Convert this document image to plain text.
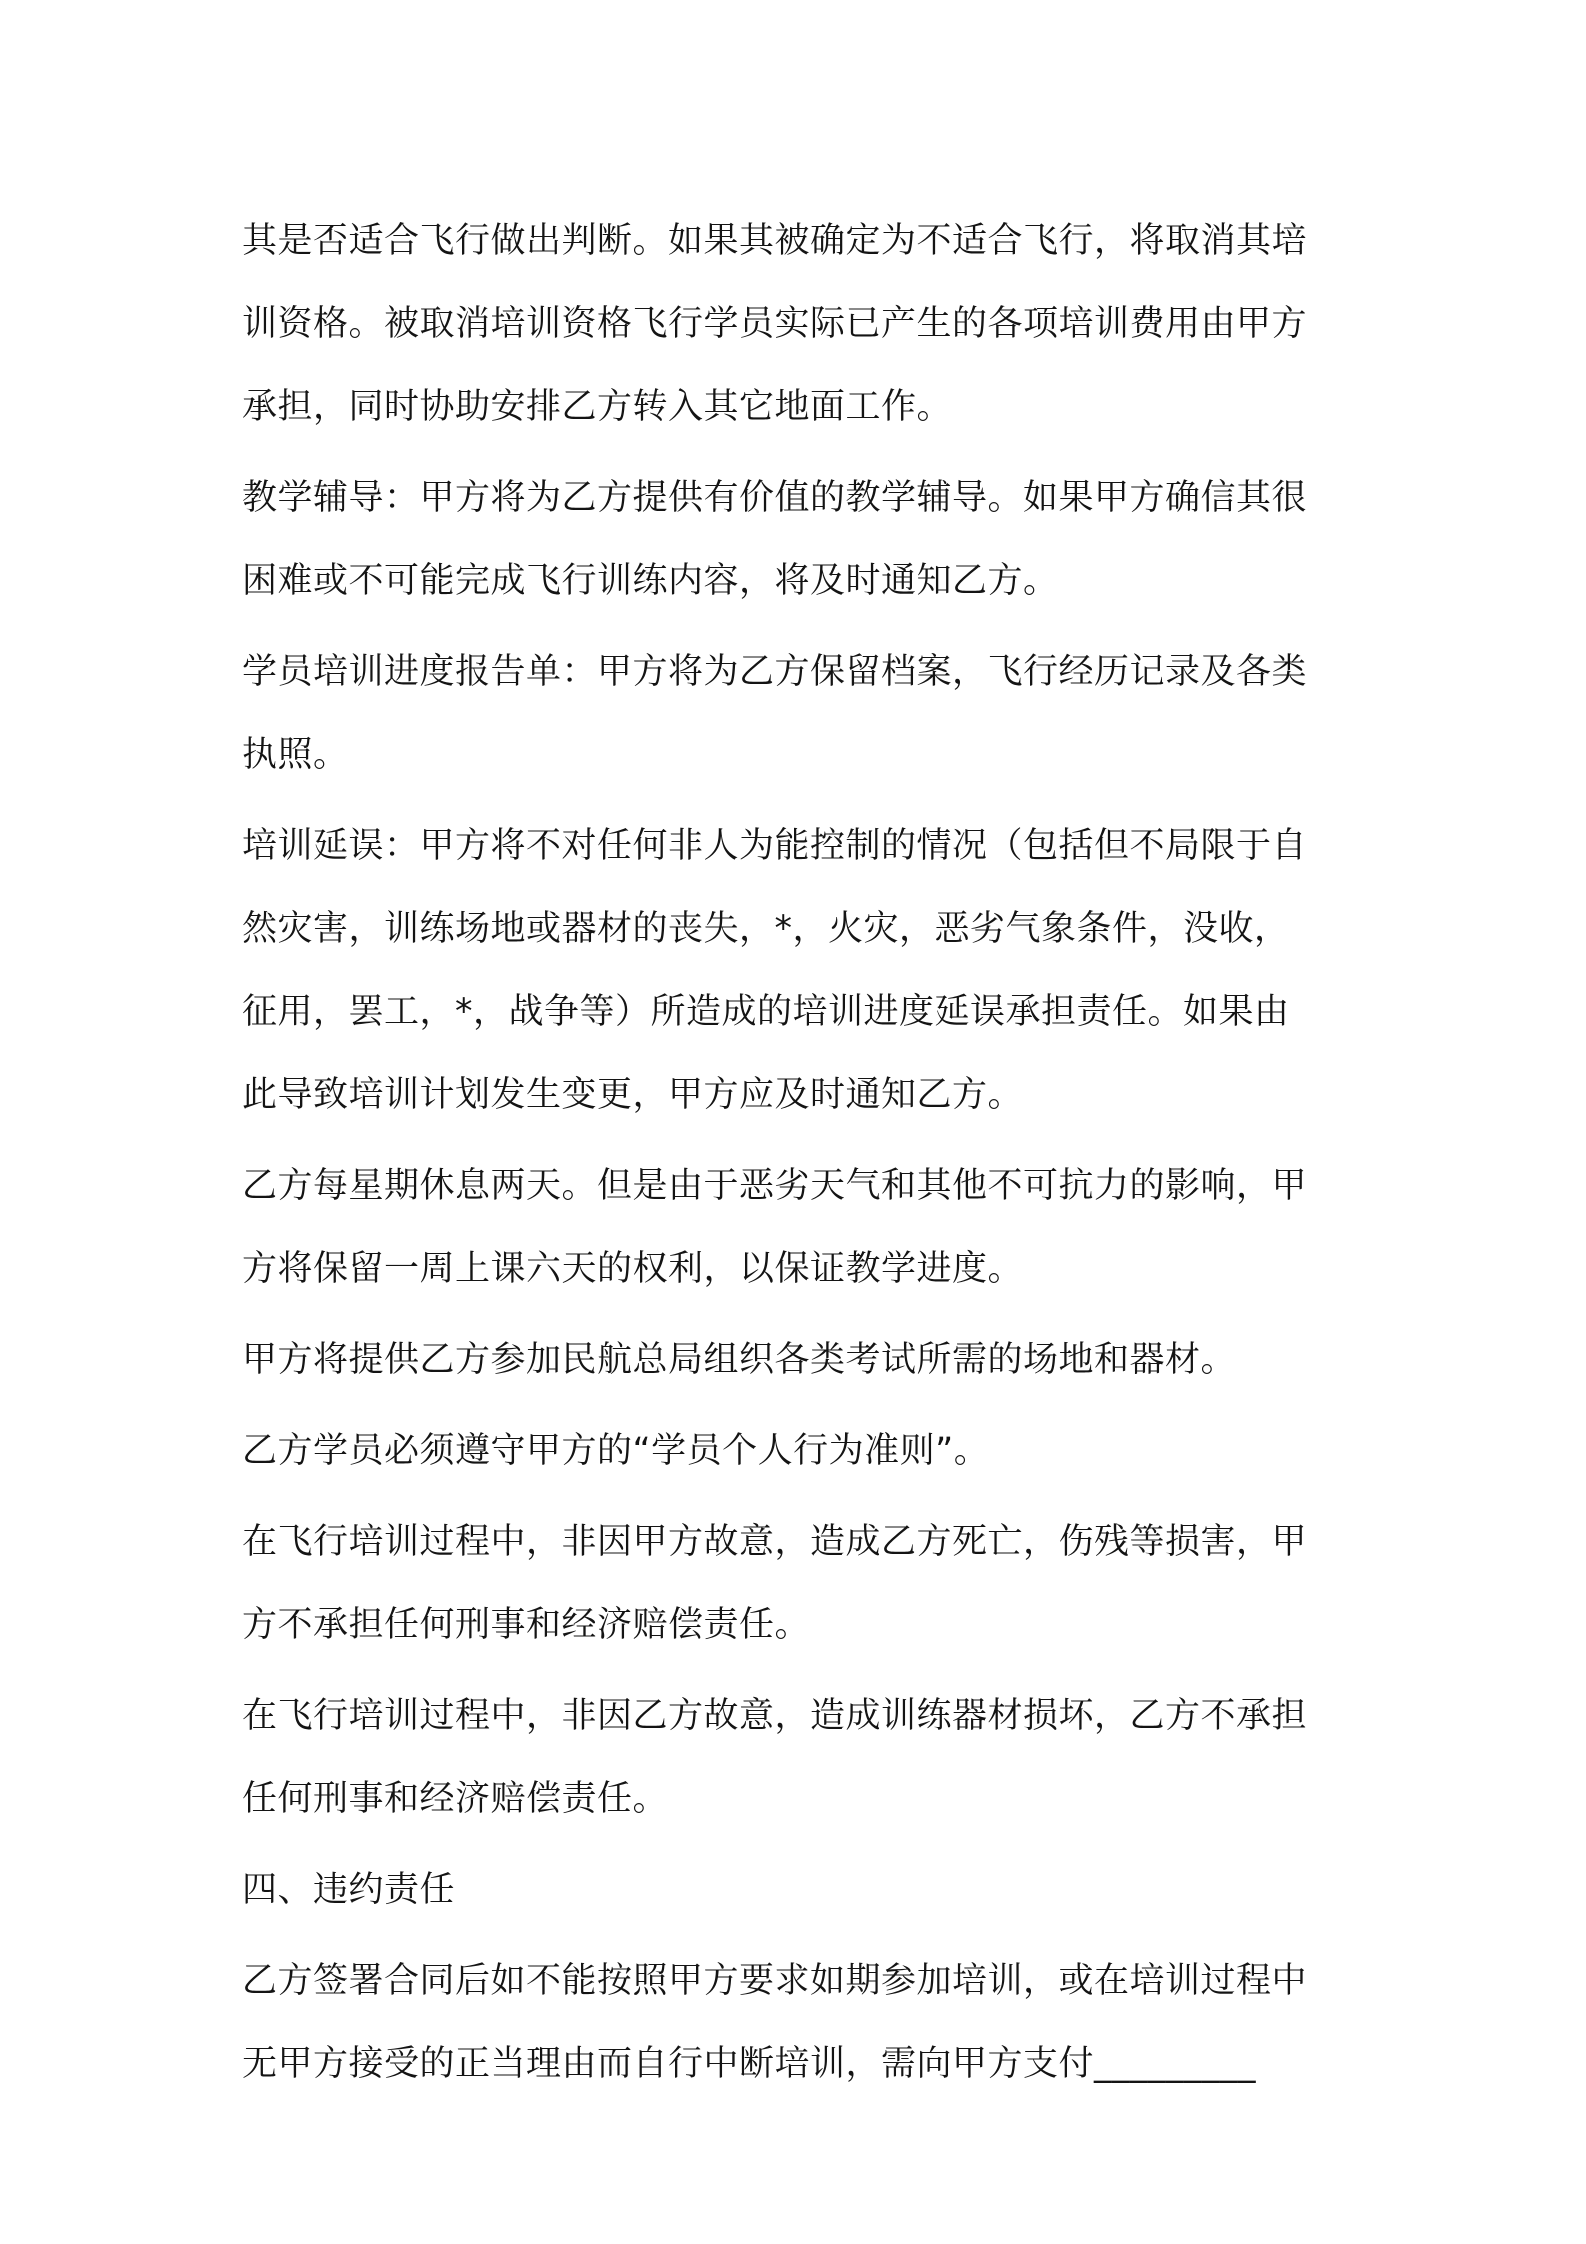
其是否适合飞行做出判断。如果其被确定为不适合飞行，将取消其培
训资格。被取消培训资格飞行学员实际已产生的各项培训费用由甲方
承担，同时协助安排乙方转入其它地面工作。
教学辅导：甲方将为乙方提供有价值的教学辅导。如果甲方确信其很
困难或不可能完成飞行训练内容，将及时通知乙方。
学员培训进度报告单：甲方将为乙方保留档案，飞行经历记录及各类
执照。
培训延误：甲方将不对任何非人为能控制的情况（包括但不局限于自
然灾害，训练场地或器材的丧失，*，火灾，恶劣气象条件，没收，
征用，罢工，*，战争等）所造成的培训进度延误承担责任。如果由
此导致培训计划发生变更，甲方应及时通知乙方。
乙方每星期休息两天。但是由于恶劣天气和其他不可抗力的影响，甲
方将保留一周上课六天的权利，以保证教学进度。
甲方将提供乙方参加民航总局组织各类考试所需的场地和器材。
乙方学员必须遵守甲方的“学员个人行为准则”。
在飞行培训过程中，非因甲方故意，造成乙方死亡，伤残等损害，甲
方不承担任何刑事和经济赔偿责任。
在飞行培训过程中，非因乙方故意，造成训练器材损坏，乙方不承担
任何刑事和经济赔偿责任。
四、违约责任
乙方签署合同后如不能按照甲方要求如期参加培训，或在培训过程中
无甲方接受的正当理由而自行中断培训，需向甲方支付_________
